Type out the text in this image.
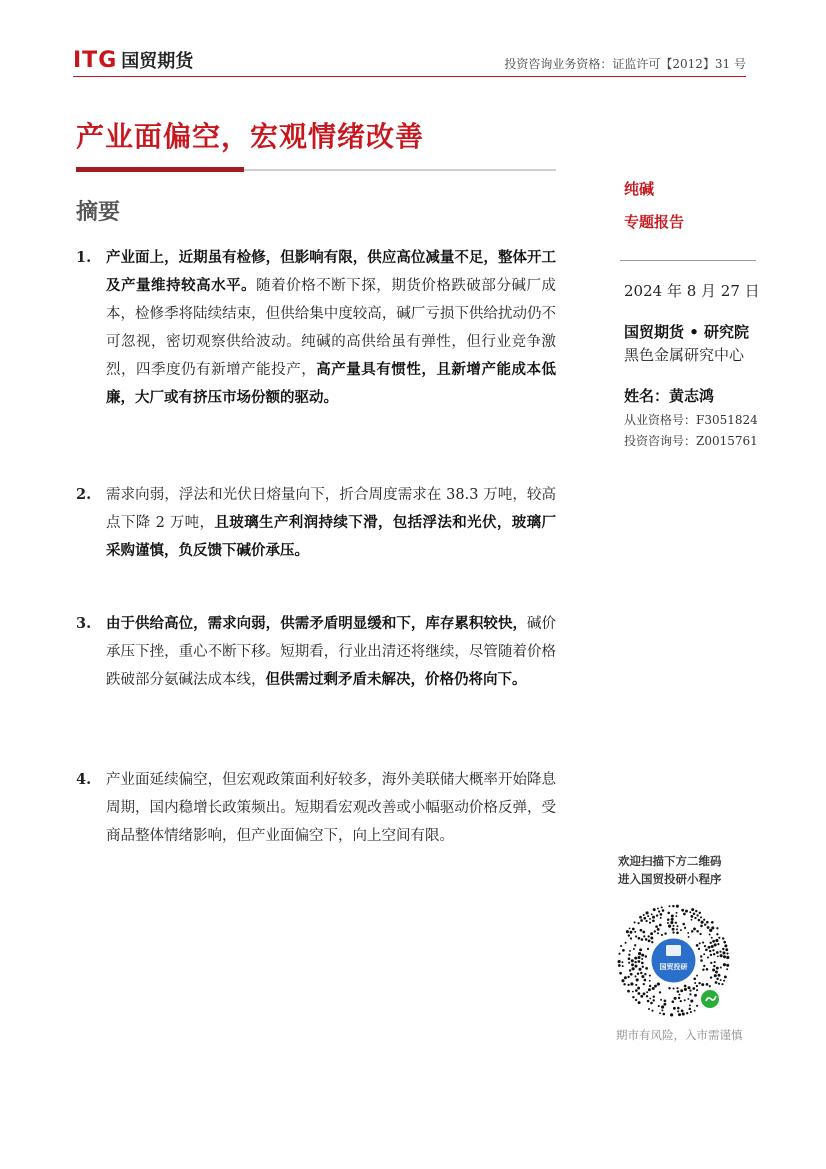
ITG 国贸期货	投资咨询业务资格：证监许可【2012】31 号
产业面偏空，宏观情绪改善
摘要
1.	产业面上，近期虽有检修，但影响有限，供应高位减量不足，整体开工及产量维持较高水平。随着价格不断下探，期货价格跌破部分碱厂成本，检修季将陆续结束，但供给集中度较高，碱厂亏损下供给扰动仍不可忽视，密切观察供给波动。纯碱的高供给虽有弹性，但行业竞争激烈，四季度仍有新增产能投产，高产量具有惯性，且新增产能成本低廉，大厂或有挤压市场份额的驱动。
2.	需求向弱，浮法和光伏日熔量向下，折合周度需求在 38.3 万吨，较高点下降 2 万吨，且玻璃生产利润持续下滑，包括浮法和光伏，玻璃厂采购谨慎，负反馈下碱价承压。
3.	由于供给高位，需求向弱，供需矛盾明显缓和下，库存累积较快，碱价承压下挫，重心不断下移。短期看，行业出清还将继续，尽管随着价格跌破部分氨碱法成本线，但供需过剩矛盾未解决，价格仍将向下。
4.	产业面延续偏空，但宏观政策面利好较多，海外美联储大概率开始降息周期，国内稳增长政策频出。短期看宏观改善或小幅驱动价格反弹，受商品整体情绪影响，但产业面偏空下，向上空间有限。
纯碱
专题报告
2024 年 8 月 27 日
国贸期货 • 研究院
黑色金属研究中心
姓名：黄志鸿
从业资格号：F3051824
投资咨询号：Z0015761
欢迎扫描下方二维码
进入国贸投研小程序
国贸投研
期市有风险，入市需谨慎
